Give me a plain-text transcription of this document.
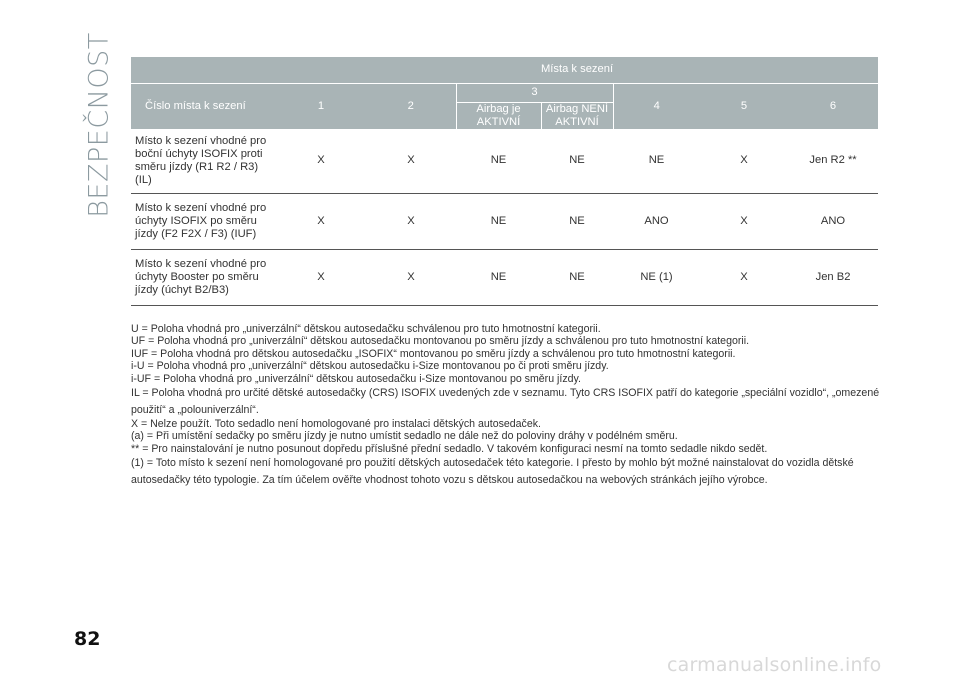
BEZPEČNOST
		Místa k sezení						
Číslo místa k sezení	1	2	3		4	5	6
			Airbag je AKTIVNÍ	Airbag NENÍ AKTIVNÍ			
Místo k sezení vhodné pro boční úchyty ISOFIX proti směru jízdy (R1 R2 / R3) (IL)	X	X	NE	NE	NE	X	Jen R2 **
Místo k sezení vhodné pro úchyty ISOFIX po směru jízdy (F2 F2X / F3) (IUF)	X	X	NE	NE	ANO	X	ANO
Místo k sezení vhodné pro úchyty Booster po směru jízdy (úchyt B2/B3)	X	X	NE	NE	NE (1)	X	Jen B2

U = Poloha vhodná pro „univerzální“ dětskou autosedačku schválenou pro tuto hmotnostní kategorii.

UF = Poloha vhodná pro „univerzální“ dětskou autosedačku montovanou po směru jízdy a schválenou pro tuto hmotnostní kategorii.

IUF = Poloha vhodná pro dětskou autosedačku „ISOFIX“ montovanou po směru jízdy a schválenou pro tuto hmotnostní kategorii.

i-U = Poloha vhodná pro „univerzální“ dětskou autosedačku i-Size montovanou po či proti směru jízdy.

i-UF = Poloha vhodná pro „univerzální“ dětskou autosedačku i-Size montovanou po směru jízdy.

IL = Poloha vhodná pro určité dětské autosedačky (CRS) ISOFIX uvedených zde v seznamu. Tyto CRS ISOFIX patří do kategorie „speciální vozidlo“, „omezené použití“ a „polouniverzální“.

X = Nelze použít. Toto sedadlo není homologované pro instalaci dětských autosedaček.

(a) = Při umístění sedačky po směru jízdy je nutno umístit sedadlo ne dále než do poloviny dráhy v podélném směru.

** = Pro nainstalování je nutno posunout dopředu příslušné přední sedadlo. V takovém konfiguraci nesmí na tomto sedadle nikdo sedět.

(1) = Toto místo k sezení není homologované pro použití dětských autosedaček této kategorie. I přesto by mohlo být možné nainstalovat do vozidla dětské autosedačky této typologie. Za tím účelem ověřte vhodnost tohoto vozu s dětskou autosedačkou na webových stránkách jejího výrobce.

82
carmanualsonline.info
